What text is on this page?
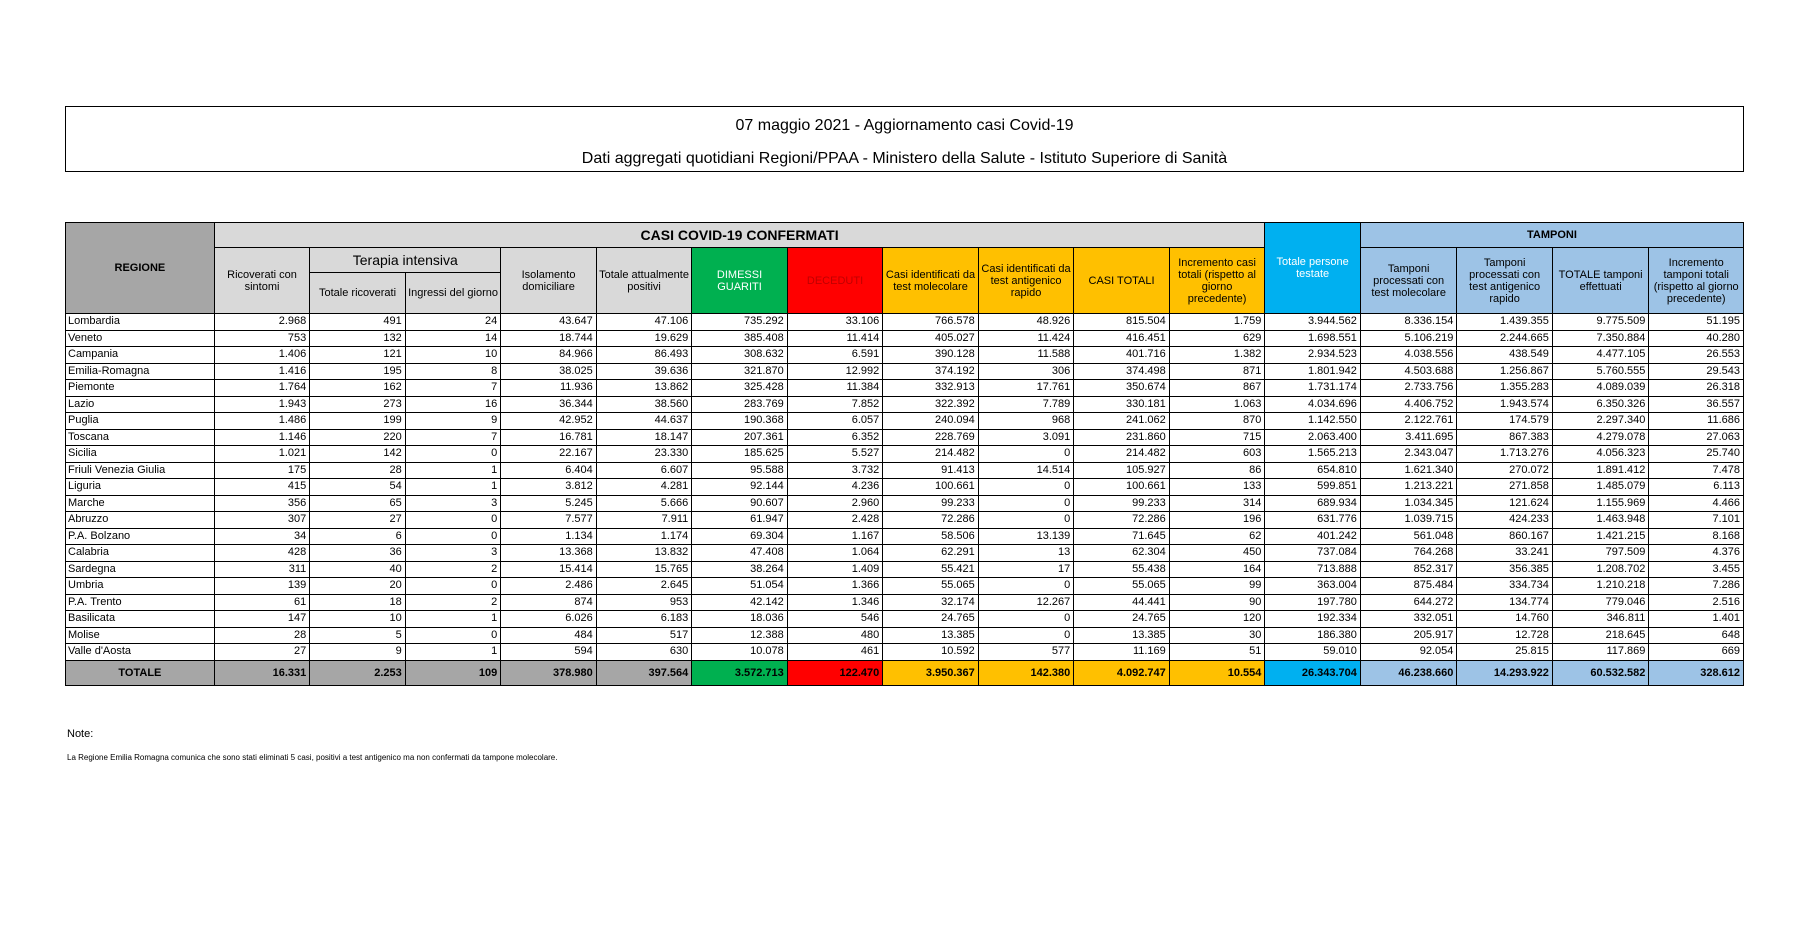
07 maggio 2021 - Aggiornamento casi Covid-19
Dati aggregati quotidiani Regioni/PPAA - Ministero della Salute - Istituto Superiore di Sanità
REGIONE	CASI COVID-19 CONFERMATI											Totale persone testate	TAMPONI			
	Ricoverati con sintomi	Terapia intensiva		Isolamento domiciliare	Totale attualmente positivi	DIMESSI GUARITI	DECEDUTI	Casi identificati da test molecolare	Casi identificati da test antigenico rapido	CASI TOTALI	Incremento casi totali (rispetto al giorno precedente)		Tamponi processati con test molecolare	Tamponi processati con test antigenico rapido	TOTALE tamponi effettuati	Incremento tamponi totali (rispetto al giorno precedente)
		Totale ricoverati	Ingressi del giorno													
Lombardia	2.968	491	24	43.647	47.106	735.292	33.106	766.578	48.926	815.504	1.759	3.944.562	8.336.154	1.439.355	9.775.509	51.195
Veneto	753	132	14	18.744	19.629	385.408	11.414	405.027	11.424	416.451	629	1.698.551	5.106.219	2.244.665	7.350.884	40.280
Campania	1.406	121	10	84.966	86.493	308.632	6.591	390.128	11.588	401.716	1.382	2.934.523	4.038.556	438.549	4.477.105	26.553
Emilia-Romagna	1.416	195	8	38.025	39.636	321.870	12.992	374.192	306	374.498	871	1.801.942	4.503.688	1.256.867	5.760.555	29.543
Piemonte	1.764	162	7	11.936	13.862	325.428	11.384	332.913	17.761	350.674	867	1.731.174	2.733.756	1.355.283	4.089.039	26.318
Lazio	1.943	273	16	36.344	38.560	283.769	7.852	322.392	7.789	330.181	1.063	4.034.696	4.406.752	1.943.574	6.350.326	36.557
Puglia	1.486	199	9	42.952	44.637	190.368	6.057	240.094	968	241.062	870	1.142.550	2.122.761	174.579	2.297.340	11.686
Toscana	1.146	220	7	16.781	18.147	207.361	6.352	228.769	3.091	231.860	715	2.063.400	3.411.695	867.383	4.279.078	27.063
Sicilia	1.021	142	0	22.167	23.330	185.625	5.527	214.482	0	214.482	603	1.565.213	2.343.047	1.713.276	4.056.323	25.740
Friuli Venezia Giulia	175	28	1	6.404	6.607	95.588	3.732	91.413	14.514	105.927	86	654.810	1.621.340	270.072	1.891.412	7.478
Liguria	415	54	1	3.812	4.281	92.144	4.236	100.661	0	100.661	133	599.851	1.213.221	271.858	1.485.079	6.113
Marche	356	65	3	5.245	5.666	90.607	2.960	99.233	0	99.233	314	689.934	1.034.345	121.624	1.155.969	4.466
Abruzzo	307	27	0	7.577	7.911	61.947	2.428	72.286	0	72.286	196	631.776	1.039.715	424.233	1.463.948	7.101
P.A. Bolzano	34	6	0	1.134	1.174	69.304	1.167	58.506	13.139	71.645	62	401.242	561.048	860.167	1.421.215	8.168
Calabria	428	36	3	13.368	13.832	47.408	1.064	62.291	13	62.304	450	737.084	764.268	33.241	797.509	4.376
Sardegna	311	40	2	15.414	15.765	38.264	1.409	55.421	17	55.438	164	713.888	852.317	356.385	1.208.702	3.455
Umbria	139	20	0	2.486	2.645	51.054	1.366	55.065	0	55.065	99	363.004	875.484	334.734	1.210.218	7.286
P.A. Trento	61	18	2	874	953	42.142	1.346	32.174	12.267	44.441	90	197.780	644.272	134.774	779.046	2.516
Basilicata	147	10	1	6.026	6.183	18.036	546	24.765	0	24.765	120	192.334	332.051	14.760	346.811	1.401
Molise	28	5	0	484	517	12.388	480	13.385	0	13.385	30	186.380	205.917	12.728	218.645	648
Valle d'Aosta	27	9	1	594	630	10.078	461	10.592	577	11.169	51	59.010	92.054	25.815	117.869	669
TOTALE	16.331	2.253	109	378.980	397.564	3.572.713	122.470	3.950.367	142.380	4.092.747	10.554	26.343.704	46.238.660	14.293.922	60.532.582	328.612
Note:
La Regione Emilia Romagna comunica che sono stati eliminati 5 casi, positivi a test antigenico ma non confermati da tampone molecolare.
